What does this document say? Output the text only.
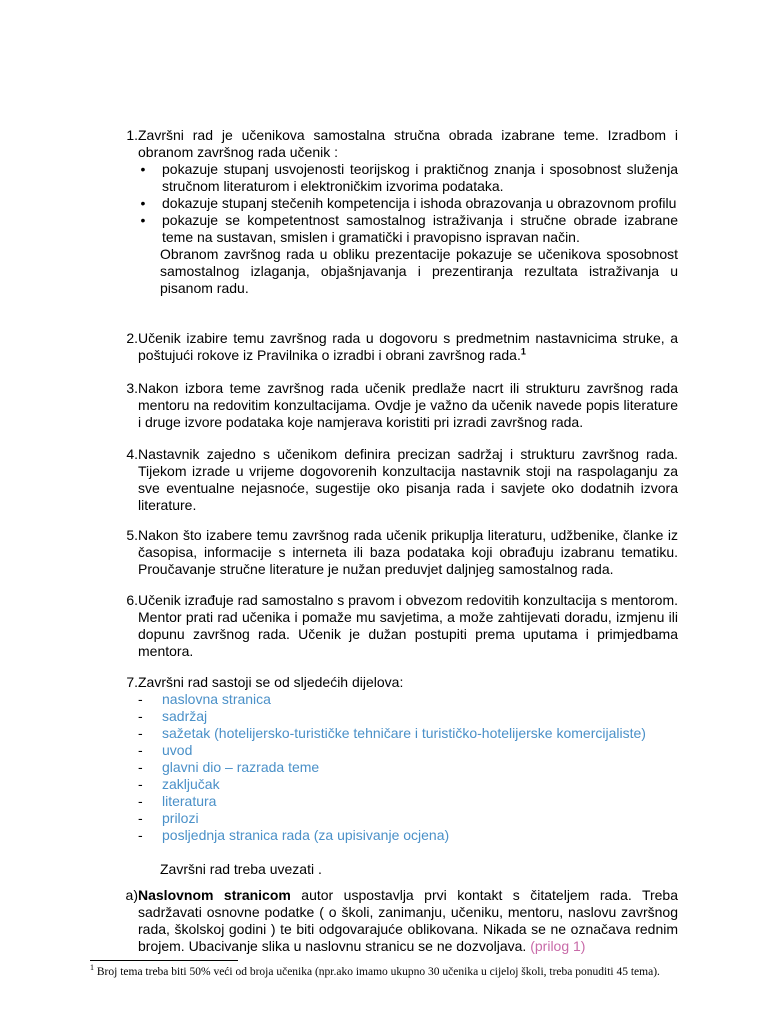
1. Završni rad je učenikova samostalna stručna obrada izabrane teme. Izradbom i obranom završnog rada učenik :
• pokazuje stupanj usvojenosti teorijskog i praktičnog znanja i sposobnost služenja stručnom literaturom i elektroničkim izvorima podataka.
• dokazuje stupanj stečenih kompetencija i ishoda obrazovanja u obrazovnom profilu
• pokazuje se kompetentnost samostalnog istraživanja i stručne obrade izabrane teme na sustavan, smislen i gramatički i pravopisno ispravan način.
Obranom završnog rada u obliku prezentacije pokazuje se učenikova sposobnost samostalnog izlaganja, objašnjavanja i prezentiranja rezultata istraživanja u pisanom radu.
2. Učenik izabire temu završnog rada u dogovoru s predmetnim nastavnicima struke, a poštujući rokove iz Pravilnika o izradbi i obrani završnog rada.$^1$
3. Nakon izbora teme završnog rada učenik predlaže nacrt ili strukturu završnog rada mentoru na redovitim konzultacijama. Ovdje je važno da učenik navede popis literature i druge izvore podataka koje namjerava koristiti pri izradi završnog rada.
4. Nastavnik zajedno s učenikom definira precizan sadržaj i strukturu završnog rada. Tijekom izrade u vrijeme dogovorenih konzultacija nastavnik stoji na raspolaganju za sve eventualne nejasnoće, sugestije oko pisanja rada i savjete oko dodatnih izvora literature.
5. Nakon što izabere temu završnog rada učenik prikuplja literaturu, udžbenike, članke iz časopisa, informacije s interneta ili baza podataka koji obrađuju izabranu tematiku. Proučavanje stručne literature je nužan preduvjet daljnjeg samostalnog rada.
6. Učenik izrađuje rad samostalno s pravom i obvezom redovitih konzultacija s mentorom. Mentor prati rad učenika i pomaže mu savjetima, a može zahtijevati doradu, izmjenu ili dopunu završnog rada. Učenik je dužan postupiti prema uputama i primjedbama mentora.
7. Završni rad sastoji se od sljedećih dijelova:
- naslovna stranica
- sadržaj
- sažetak (hotelijersko-turističke tehničare i turističko-hotelijerske komercijaliste)
- uvod
- glavni dio – razrada teme
- zaključak
- literatura
- prilozi
- posljednja stranica rada (za upisivanje ocjena)
Završni rad treba uvezati .
a) Naslovnom stranicom autor uspostavlja prvi kontakt s čitateljem rada. Treba sadržavati osnovne podatke ( o školi, zanimanju, učeniku, mentoru, naslovu završnog rada, školskoj godini ) te biti odgovarajuće oblikovana. Nikada se ne označava rednim brojem. Ubacivanje slika u naslovnu stranicu se ne dozvoljava. (prilog 1)
$^1$ Broj tema treba biti 50% veći od broja učenika (npr.ako imamo ukupno 30 učenika u cijeloj školi, treba ponuditi 45 tema).
